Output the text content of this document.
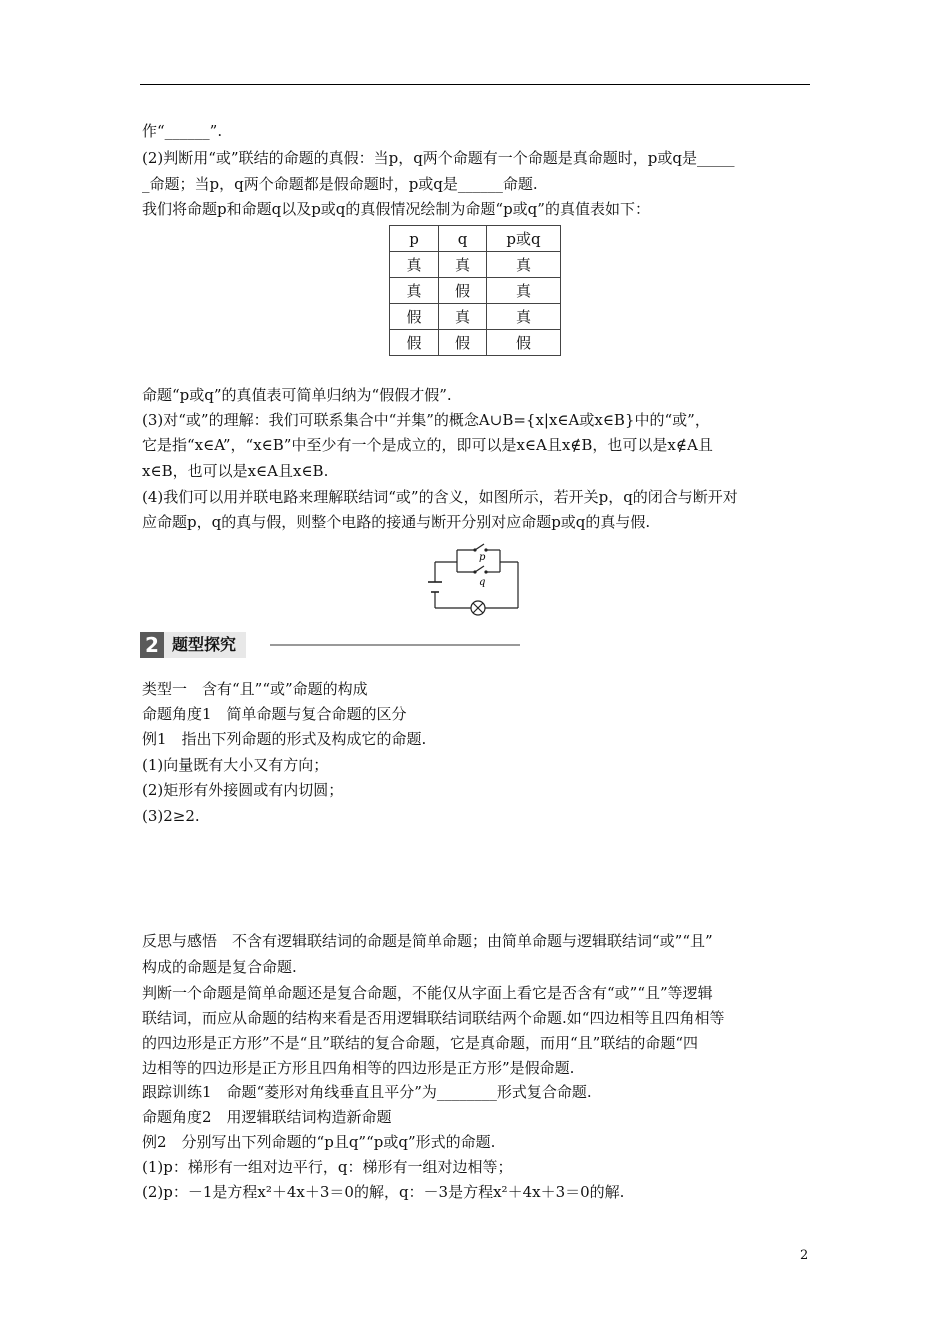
作“______”.
(2)判断用“或”联结的命题的真假：当p，q两个命题有一个命题是真命题时，p或q是_____
_命题；当p，q两个命题都是假命题时，p或q是______命题.
我们将命题p和命题q以及p或q的真假情况绘制为命题“p或q”的真值表如下：
p	q	p或q
真	真	真
真	假	真
假	真	真
假	假	假
命题“p或q”的真值表可简单归纳为“假假才假”.
(3)对“或”的理解：我们可联系集合中“并集”的概念A∪B={x|x∈A或x∈B}中的“或”，
它是指“x∈A”，“x∈B”中至少有一个是成立的，即可以是x∈A且x∉B，也可以是x∉A且
x∈B，也可以是x∈A且x∈B.
(4)我们可以用并联电路来理解联结词“或”的含义，如图所示，若开关p，q的闭合与断开对
应命题p，q的真与假，则整个电路的接通与断开分别对应命题p或q的真与假.
p
q
2 题型探究
类型一　含有“且”“或”命题的构成
命题角度1　简单命题与复合命题的区分
例1　指出下列命题的形式及构成它的命题.
(1)向量既有大小又有方向；
(2)矩形有外接圆或有内切圆；
(3)2≥2.
反思与感悟　不含有逻辑联结词的命题是简单命题；由简单命题与逻辑联结词“或”“且”
构成的命题是复合命题.
判断一个命题是简单命题还是复合命题，不能仅从字面上看它是否含有“或”“且”等逻辑
联结词，而应从命题的结构来看是否用逻辑联结词联结两个命题.如“四边相等且四角相等
的四边形是正方形”不是“且”联结的复合命题，它是真命题，而用“且”联结的命题“四
边相等的四边形是正方形且四角相等的四边形是正方形”是假命题.
跟踪训练1　命题“菱形对角线垂直且平分”为________形式复合命题.
命题角度2　用逻辑联结词构造新命题
例2　分别写出下列命题的“p且q”“p或q”形式的命题.
(1)p：梯形有一组对边平行，q：梯形有一组对边相等；
(2)p：－1是方程x²＋4x＋3＝0的解，q：－3是方程x²＋4x＋3＝0的解.
2
